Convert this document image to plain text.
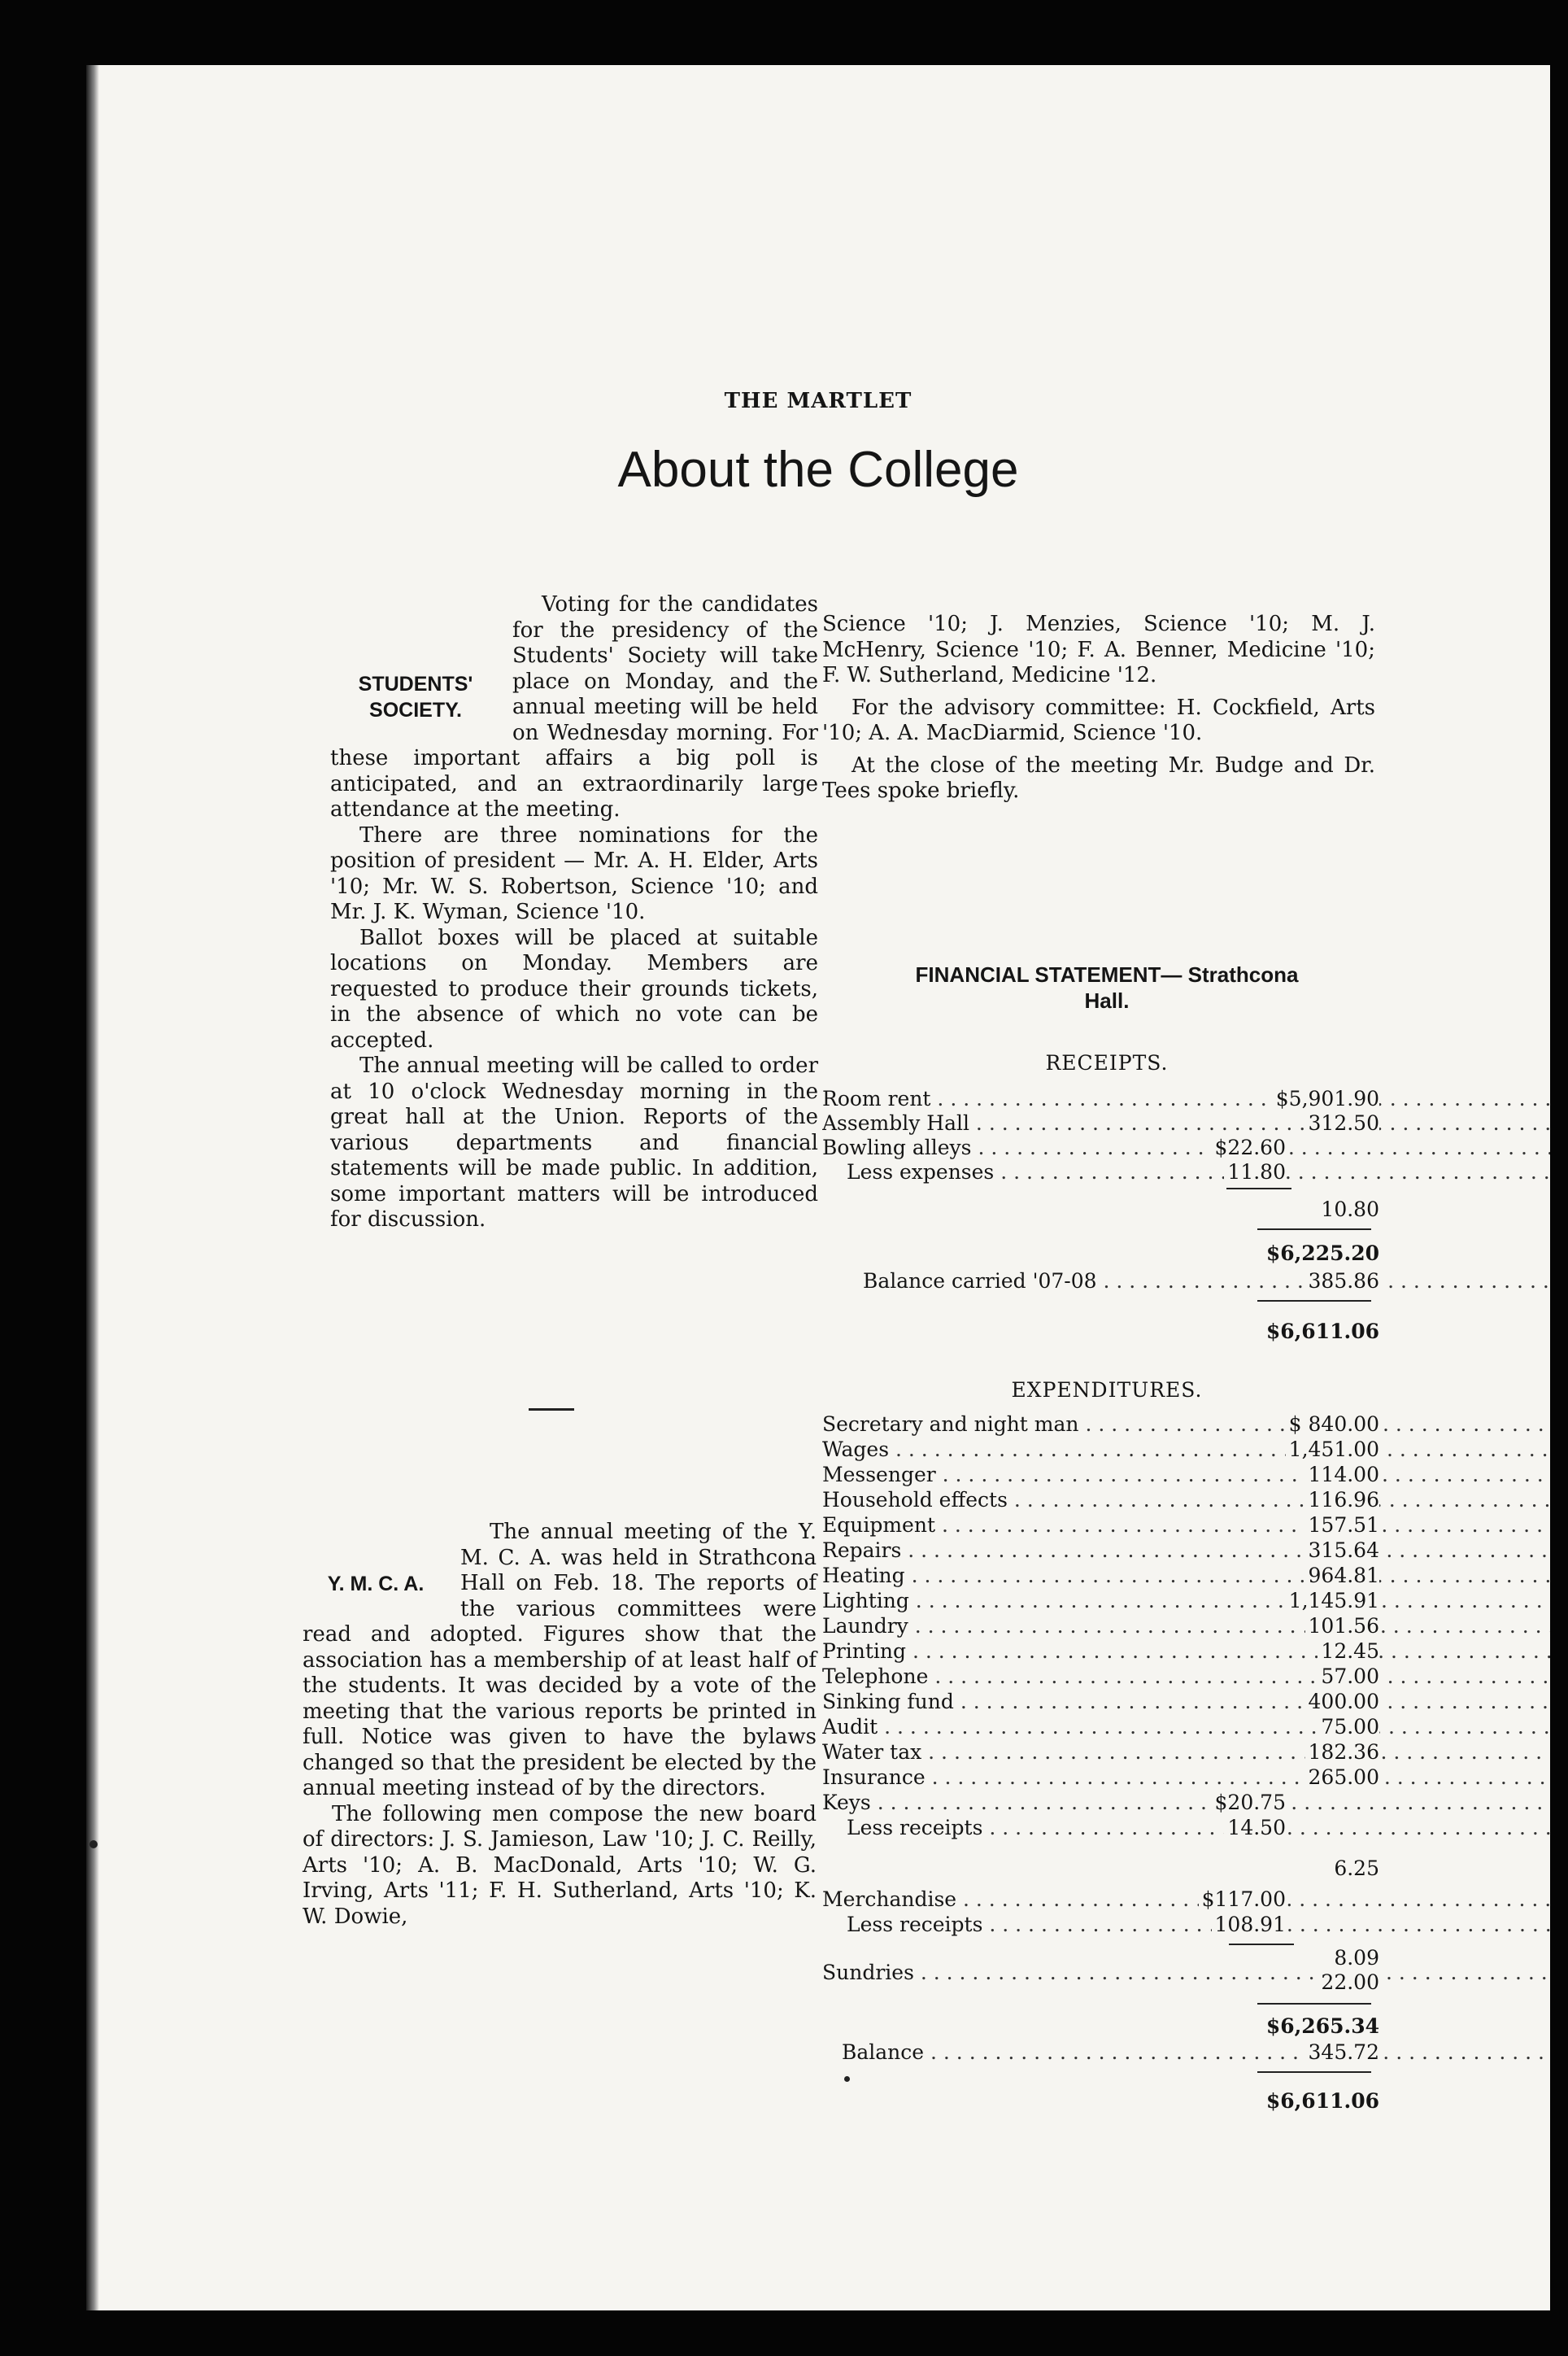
THE MARTLET
About the College
STUDENTS'
SOCIETY.

Voting for the candidates for the presidency of the Students' Society will take place on Monday, and the annual meeting will be held on Wednesday morning. For these important affairs a big poll is anticipated, and an extraordinarily large attendance at the meeting.

There are three nominations for the position of president — Mr. A. H. Elder, Arts '10; Mr. W. S. Robertson, Science '10; and Mr. J. K. Wyman, Science '10.

Ballot boxes will be placed at suitable locations on Monday. Members are requested to produce their grounds tickets, in the absence of which no vote can be accepted.

The annual meeting will be called to order at 10 o'clock Wednesday morning in the great hall at the Union. Reports of the various departments and financial statements will be made public. In addition, some important matters will be introduced for discussion.

Y. M. C. A.

The annual meeting of the Y. M. C. A. was held in Strathcona Hall on Feb. 18. The reports of the various committees were read and adopted. Figures show that the association has a membership of at least half of the students. It was decided by a vote of the meeting that the various reports be printed in full. Notice was given to have the bylaws changed so that the president be elected by the annual meeting instead of by the directors.

The following men compose the new board of directors: J. S. Jamieson, Law '10; J. C. Reilly, Arts '10; A. B. MacDonald, Arts '10; W. G. Irving, Arts '11; F. H. Sutherland, Arts '10; K. W. Dowie,

Science '10; J. Menzies, Science '10; M. J. McHenry, Science '10; F. A. Benner, Medicine '10; F. W. Sutherland, Medicine '12.

For the advisory committee: H. Cockfield, Arts '10; A. A. MacDiarmid, Science '10.

At the close of the meeting Mr. Budge and Dr. Tees spoke briefly.

FINANCIAL STATEMENT— Strathcona
Hall.
RECEIPTS.
Room rent . . .	$5,901.90
Assembly Hall . . .	312.50
Bowling alleys . . .	$22.60
Less expenses . . .	11.80
10.80
$6,225.20
Balance carried '07-08 . . .	385.86
$6,611.06
EXPENDITURES.
Secretary and night man . . .	$ 840.00
Wages . . .	1,451.00
Messenger . . .	114.00
Household effects . . .	116.96
Equipment . . .	157.51
Repairs . . .	315.64
Heating . . .	964.81
Lighting . . .	1,145.91
Laundry . . .	101.56
Printing . . .	12.45
Telephone . . .	57.00
Sinking fund . . .	400.00
Audit . . .	75.00
Water tax . . .	182.36
Insurance . . .	265.00
Keys . . .	$20.75
Less receipts . . .	14.50
6.25
Merchandise . . .	$117.00
Less receipts . . .	108.91
8.09
Sundries . . .	22.00
$6,265.34
Balance . . .	345.72
$6,611.06
